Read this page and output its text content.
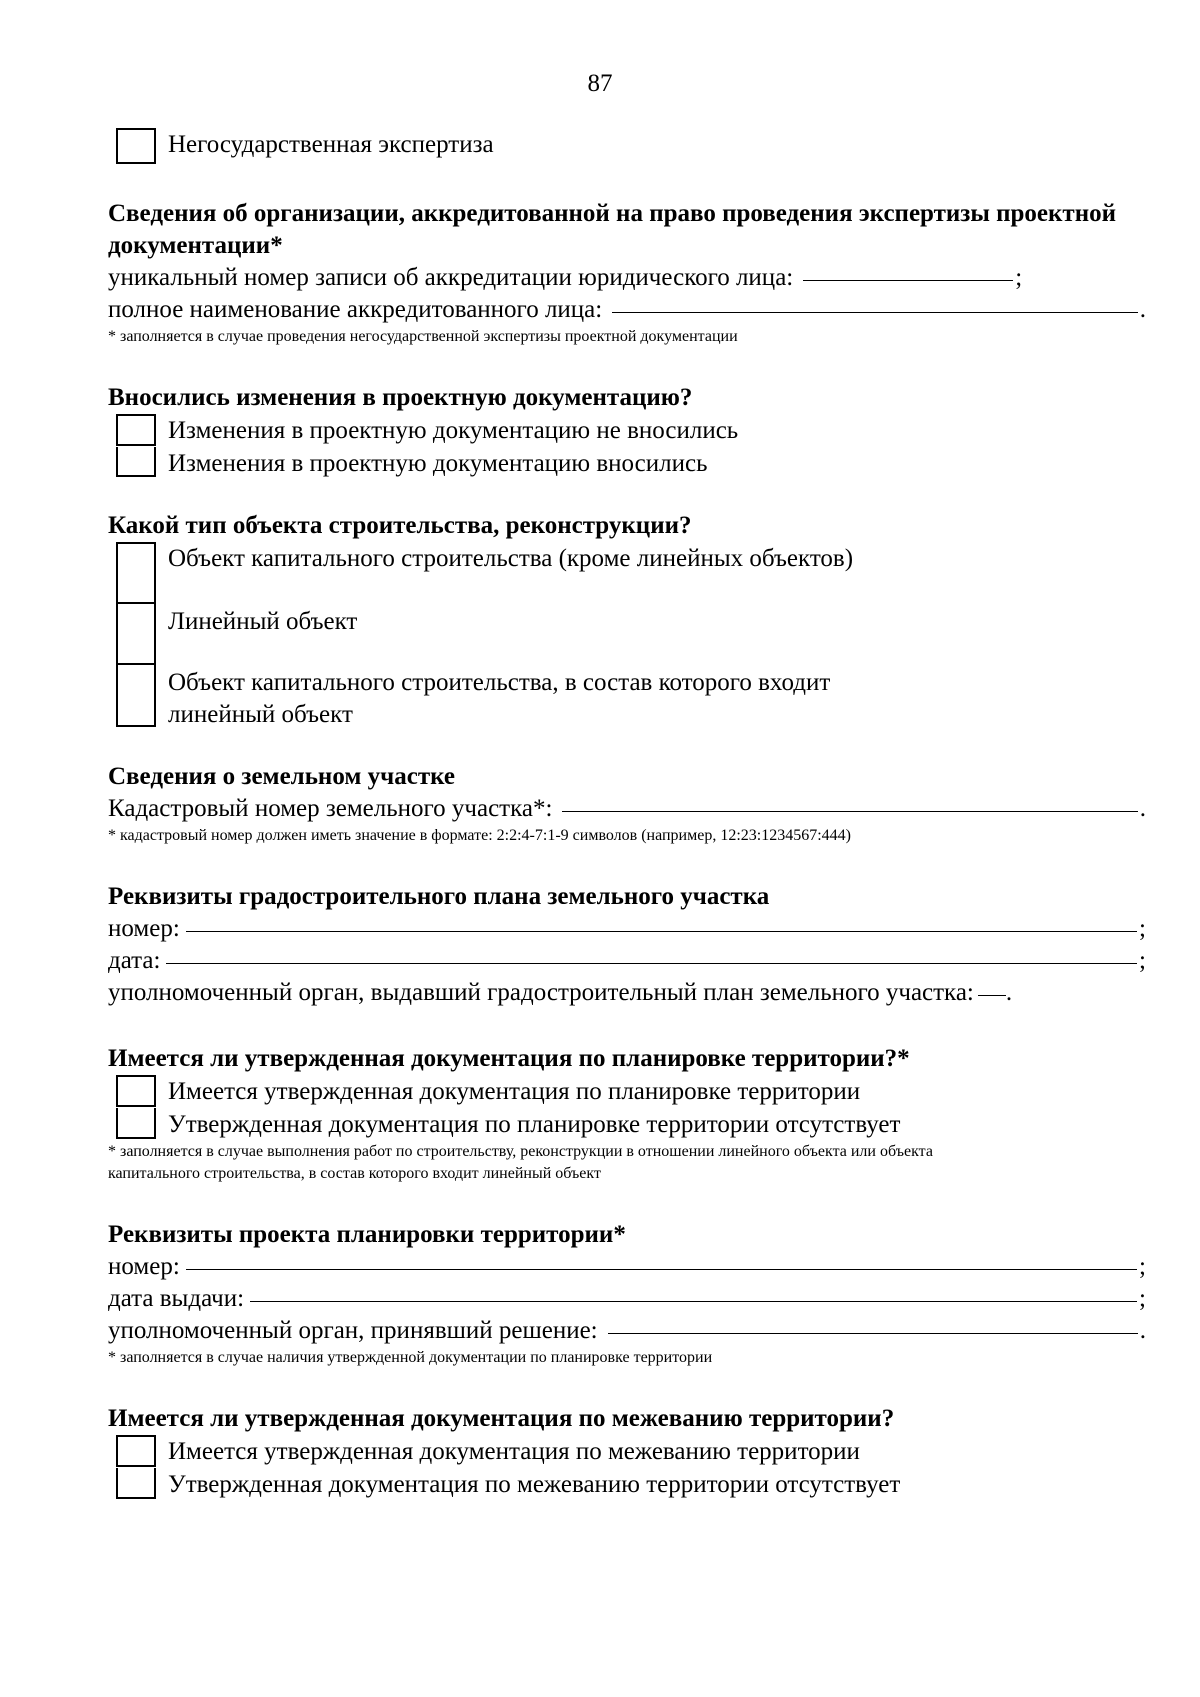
87
Негосударственная экспертиза

Сведения об организации, аккредитованной на право проведения экспертизы проектной документации*

уникальный номер записи об аккредитации юридического лица:	;
полное наименование аккредитованного лица:	.
* заполняется в случае проведения негосударственной экспертизы проектной документации

Вносились изменения в проектную документацию?

Изменения в проектную документацию не вносились
Изменения в проектную документацию вносились

Какой тип объекта строительства, реконструкции?

Объект капитального строительства (кроме линейных объектов)
Линейный объект
Объект капитального строительства, в состав которого входит
линейный объект

Сведения о земельном участке

Кадастровый номер земельного участка*:	.
* кадастровый номер должен иметь значение в формате: 2:2:4-7:1-9 символов (например, 12:23:1234567:444)

Реквизиты градостроительного плана земельного участка

номер:	;
дата:	;
уполномоченный орган, выдавший градостроительный план земельного участка: .

Имеется ли утвержденная документация по планировке территории?*

Имеется утвержденная документация по планировке территории
Утвержденная документация по планировке территории отсутствует
* заполняется в случае выполнения работ по строительству, реконструкции в отношении линейного объекта или объекта
капитального строительства, в состав которого входит линейный объект

Реквизиты проекта планировки территории*

номер:	;
дата выдачи:	;
уполномоченный орган, принявший решение:	.
* заполняется в случае наличия утвержденной документации по планировке территории

Имеется ли утвержденная документация по межеванию территории?

Имеется утвержденная документация по межеванию территории
Утвержденная документация по межеванию территории отсутствует
